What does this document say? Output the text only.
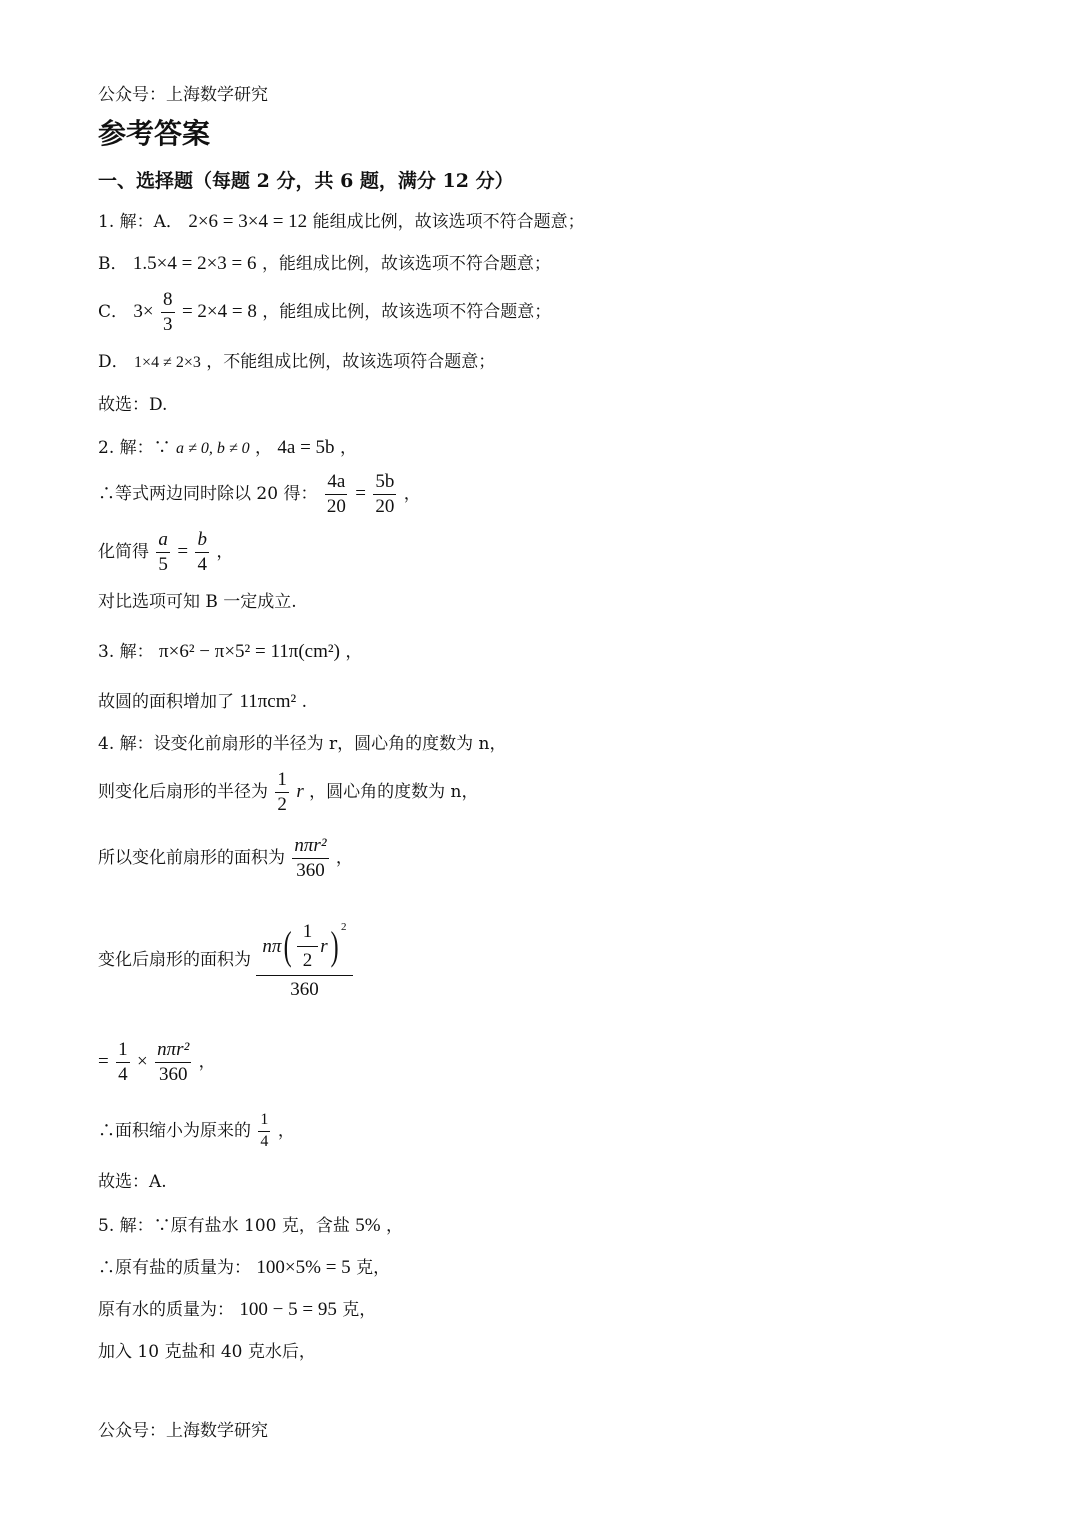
公众号：上海数学研究
参考答案
一、选择题（每题 2 分，共 6 题，满分 12 分）
1. 解：A． 2×6 = 3×4 = 12 能组成比例，故该选项不符合题意；
B． 1.5×4 = 2×3 = 6 ，能组成比例，故该选项不符合题意；
C． $3\times \frac{8}{3} = 2\times 4 = 8$ ，能组成比例，故该选项不符合题意；
D． 1×4 ≠ 2×3 ，不能组成比例，故该选项符合题意；
故选：D.
2. 解：∵ a ≠ 0, b ≠ 0 ， 4a = 5b ，
∴等式两边同时除以 20 得： $\frac{4a}{20} = \frac{5b}{20}$ ，
化简得 $\frac{a}{5} = \frac{b}{4}$ ，
对比选项可知 B 一定成立.
3. 解： π×6² − π×5² = 11π(cm²) ，
故圆的面积增加了 11πcm² .
4. 解：设变化前扇形的半径为 r，圆心角的度数为 n，
则变化后扇形的半径为 $\frac{1}{2}$ r ，圆心角的度数为 n，
所以变化前扇形的面积为 $\frac{\text{nπr²}}{360}$ ，
变化后扇形的面积为
nπ ( $\frac{1}{2}$ r )$^2$
360
= $\frac{1}{4} \times \frac{\text{nπr²}}{360}$ ，
∴面积缩小为原来的 $\frac{1}{4}$ ，
故选：A.
5. 解：∵原有盐水 100 克，含盐 5% ，
∴原有盐的质量为： 100×5% = 5 克，
原有水的质量为： 100 − 5 = 95 克，
加入 10 克盐和 40 克水后，
公众号：上海数学研究
